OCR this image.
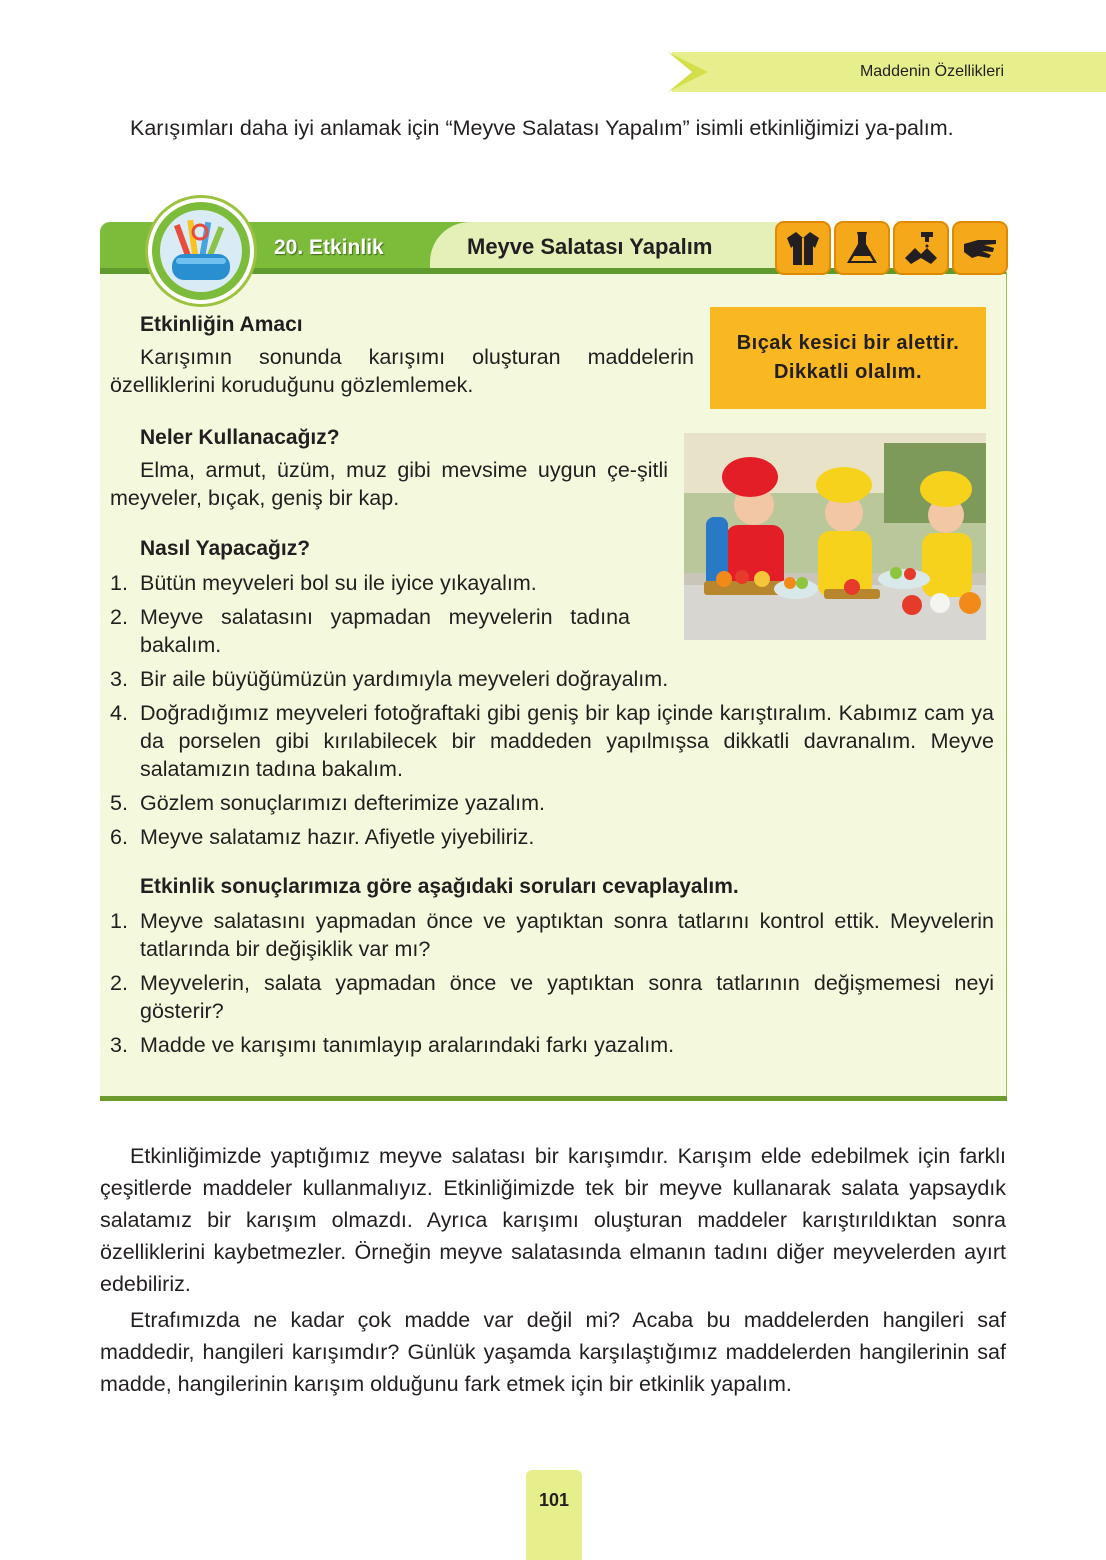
Maddenin Özellikleri

Karışımları daha iyi anlamak için “Meyve Salatası Yapalım” isimli etkinliğimizi ya-palım.

20. Etkinlik	Meyve Salatası Yapalım
Bıçak kesici bir alettir.
Dikkatli olalım.
Etkinliğin Amacı

Karışımın sonunda karışımı oluşturan maddelerin özelliklerini koruduğunu gözlemlemek.

Neler Kullanacağız?

Elma, armut, üzüm, muz gibi mevsime uygun çe-şitli meyveler, bıçak, geniş bir kap.

Nasıl Yapacağız?
1. Bütün meyveleri bol su ile iyice yıkayalım.
2. Meyve salatasını yapmadan meyvelerin tadına bakalım.
3. Bir aile büyüğümüzün yardımıyla meyveleri doğrayalım.
4. Doğradığımız meyveleri fotoğraftaki gibi geniş bir kap içinde karıştıralım. Kabımız cam ya da porselen gibi kırılabilecek bir maddeden yapılmışsa dikkatli davranalım. Meyve salatamızın tadına bakalım.
5. Gözlem sonuçlarımızı defterimize yazalım.
6. Meyve salatamız hazır. Afiyetle yiyebiliriz.
Etkinlik sonuçlarımıza göre aşağıdaki soruları cevaplayalım.
1. Meyve salatasını yapmadan önce ve yaptıktan sonra tatlarını kontrol ettik. Meyvelerin tatlarında bir değişiklik var mı?
2. Meyvelerin, salata yapmadan önce ve yaptıktan sonra tatlarının değişmemesi neyi gösterir?
3. Madde ve karışımı tanımlayıp aralarındaki farkı yazalım.

Etkinliğimizde yaptığımız meyve salatası bir karışımdır. Karışım elde edebilmek için farklı çeşitlerde maddeler kullanmalıyız. Etkinliğimizde tek bir meyve kullanarak salata yapsaydık salatamız bir karışım olmazdı. Ayrıca karışımı oluşturan maddeler karıştırıldıktan sonra özelliklerini kaybetmezler. Örneğin meyve salatasında elmanın tadını diğer meyvelerden ayırt edebiliriz.

Etrafımızda ne kadar çok madde var değil mi? Acaba bu maddelerden hangileri saf maddedir, hangileri karışımdır? Günlük yaşamda karşılaştığımız maddelerden hangilerinin saf madde, hangilerinin karışım olduğunu fark etmek için bir etkinlik yapalım.

101
